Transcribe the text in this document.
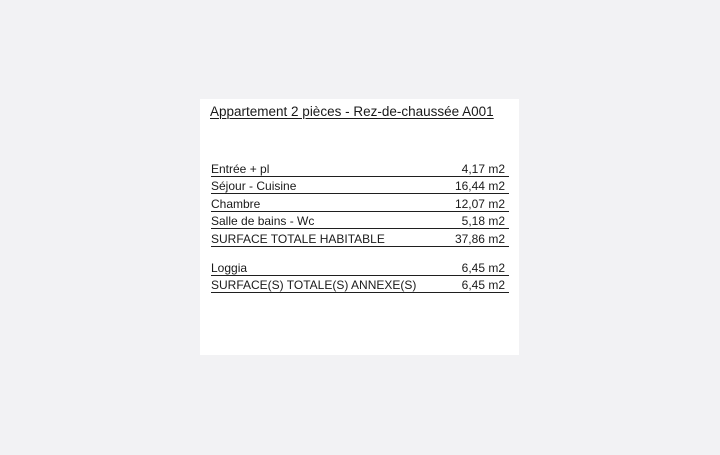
Appartement 2 pièces - Rez-de-chaussée A001
Entrée + pl	4,17 m2
Séjour - Cuisine	16,44 m2
Chambre	12,07 m2
Salle de bains - Wc	5,18 m2
SURFACE TOTALE HABITABLE	37,86 m2
Loggia	6,45 m2
SURFACE(S) TOTALE(S) ANNEXE(S)	6,45 m2
